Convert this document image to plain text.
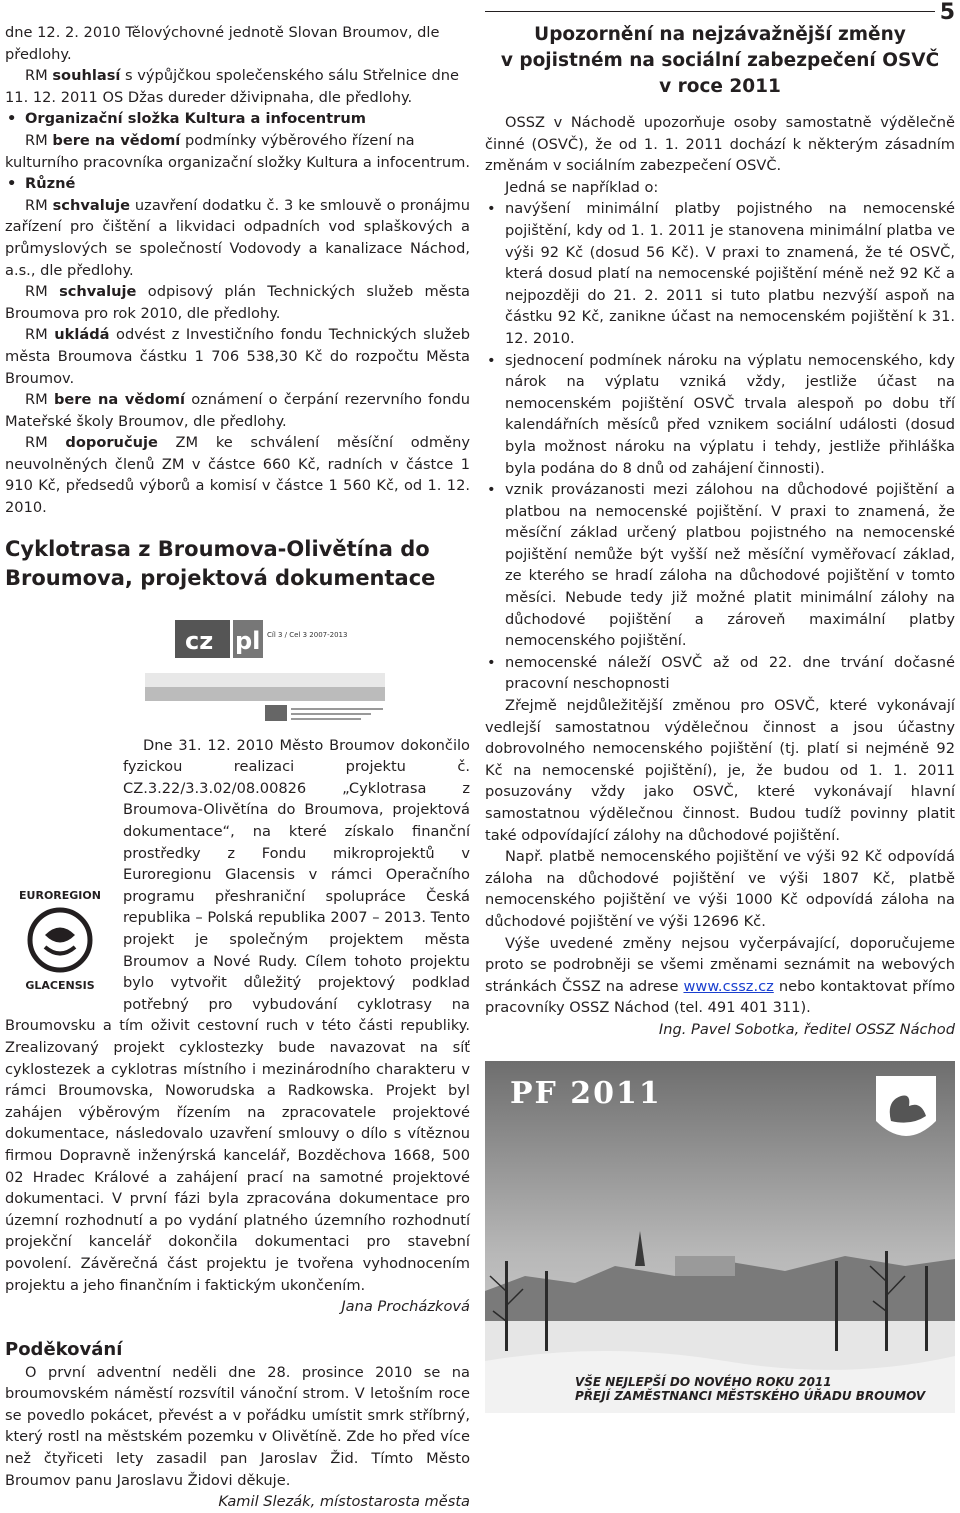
5

dne 12. 2. 2010 Tělovýchovné jednotě Slovan Broumov, dle předlohy.

RM souhlasí s výpůjčkou společenského sálu Střelnice dne 11. 12. 2011 OS Džas dureder dživipnaha, dle předlohy.

• Organizační složka Kultura a infocentrum

RM bere na vědomí podmínky výběrového řízení na kulturního pracovníka organizační složky Kultura a infocentrum.

• Různé

RM schvaluje uzavření dodatku č. 3 ke smlouvě o pronájmu zařízení pro čištění a likvidaci odpadních vod splaškových a průmyslových se společností Vodovody a kanalizace Náchod, a.s., dle předlohy.

RM schvaluje odpisový plán Technických služeb města Broumova pro rok 2010, dle předlohy.

RM ukládá odvést z Investičního fondu Technických služeb města Broumova částku 1 706 538,30 Kč do rozpočtu Města Broumov.

RM bere na vědomí oznámení o čerpání rezervního fondu Mateřské školy Broumov, dle předlohy.

RM doporučuje ZM ke schválení měsíční odměny neuvolněných členů ZM v částce 660 Kč, radních v částce 1 910 Kč, předsedů výborů a komisí v částce 1 560 Kč, od 1. 12. 2010.

Cyklotrasa z Broumova-Olivětína do Broumova, projektová dokumentace
cz pl Cíl 3 / Cel 3 2007-2013

EUROREGION
GLACENSIS
Dne 31. 12. 2010 Město Broumov dokončilo fyzickou realizaci projektu č. CZ.3.22/3.3.02/08.00826 „Cyklotrasa z Broumova-Olivětína do Broumova, projektová dokumentace“, na které získalo finanční prostředky z Fondu mikroprojektů v Euroregionu Glacensis v rámci Operačního programu přeshraniční spolupráce Česká republika – Polská republika 2007 – 2013. Tento projekt je společným projektem města Broumov a Nové Rudy. Cílem tohoto projektu bylo vytvořit důležitý projektový podklad potřebný pro vybudování cyklotrasy na Broumovsku a tím oživit cestovní ruch v této části republiky. Zrealizovaný projekt cyklostezky bude navazovat na síť cyklostezek a cyklotras místního i mezinárodního charakteru v rámci Broumovska, Noworudska a Radkowska. Projekt byl zahájen výběrovým řízením na zpracovatele projektové dokumentace, následovalo uzavření smlouvy o dílo s vítěznou firmou Dopravně inženýrská kancelář, Bozděchova 1668, 500 02 Hradec Králové a zahájení prací na samotné projektové dokumentaci. V první fázi byla zpracována dokumentace pro územní rozhodnutí a po vydání platného územního rozhodnutí projekční kancelář dokončila dokumentaci pro stavební povolení. Závěrečná část projektu je tvořena vyhodnocením projektu a jeho finančním i faktickým ukončením.

Jana Procházková

Poděkování

O první adventní neděli dne 28. prosince 2010 se na broumovském náměstí rozsvítil vánoční strom. V letošním roce se povedlo pokácet, převést a v pořádku umístit smrk stříbrný, který rostl na městském pozemku v Olivětíně. Zde ho před více než čtyřiceti lety zasadil pan Jaroslav Žid. Tímto Město Broumov panu Jaroslavu Židovi děkuje.

Kamil Slezák, místostarosta města

Upozornění na nejzávažnější změny
v pojistném na sociální zabezpečení OSVČ
v roce 2011

OSSZ v Náchodě upozorňuje osoby samostatně výdělečně činné (OSVČ), že od 1. 1. 2011 dochází k některým zásadním změnám v sociálním zabezpečení OSVČ.

Jedná se například o:

• navýšení minimální platby pojistného na nemocenské pojištění, kdy od 1. 1. 2011 je stanovena minimální platba ve výši 92 Kč (dosud 56 Kč). V praxi to znamená, že té OSVČ, která dosud platí na nemocenské pojištění méně než 92 Kč a nejpozději do 21. 2. 2011 si tuto platbu nezvýší aspoň na částku 92 Kč, zanikne účast na nemocenském pojištění k 31. 12. 2010.

• sjednocení podmínek nároku na výplatu nemocenského, kdy nárok na výplatu vzniká vždy, jestliže účast na nemocenském pojištění OSVČ trvala alespoň po dobu tří kalendářních měsíců před vznikem sociální události (dosud byla možnost nároku na výplatu i tehdy, jestliže přihláška byla podána do 8 dnů od zahájení činnosti).

• vznik provázanosti mezi zálohou na důchodové pojištění a platbou na nemocenské pojištění. V praxi to znamená, že měsíční základ určený platbou pojistného na nemocenské pojištění nemůže být vyšší než měsíční vyměřovací základ, ze kterého se hradí záloha na důchodové pojištění v tomto měsíci. Nebude tedy již možné platit minimální zálohy na důchodové pojištění a zároveň maximální platby nemocenského pojištění.

• nemocenské náleží OSVČ až od 22. dne trvání dočasné pracovní neschopnosti

Zřejmě nejdůležitější změnou pro OSVČ, které vykonávají vedlejší samostatnou výdělečnou činnost a jsou účastny dobrovolného nemocenského pojištění (tj. platí si nejméně 92 Kč na nemocenské pojištění), je, že budou od 1. 1. 2011 posuzovány vždy jako OSVČ, které vykonávají hlavní samostatnou výdělečnou činnost. Budou tudíž povinny platit také odpovídající zálohy na důchodové pojištění.

Např. platbě nemocenského pojištění ve výši 92 Kč odpovídá záloha na důchodové pojištění ve výši 1807 Kč, platbě nemocenského pojištění ve výši 1000 Kč odpovídá záloha na důchodové pojištění ve výši 12696 Kč.

Výše uvedené změny nejsou vyčerpávající, doporučujeme proto se podrobněji se všemi změnami seznámit na webových stránkách ČSSZ na adrese www.cssz.cz nebo kontaktovat přímo pracovníky OSSZ Náchod (tel. 491 401 311).

Ing. Pavel Sobotka, ředitel OSSZ Náchod

PF 2011
VŠE NEJLEPŠÍ DO NOVÉHO ROKU 2011
PŘEJÍ ZAMĚSTNANCI MĚSTSKÉHO ÚŘADU BROUMOV
